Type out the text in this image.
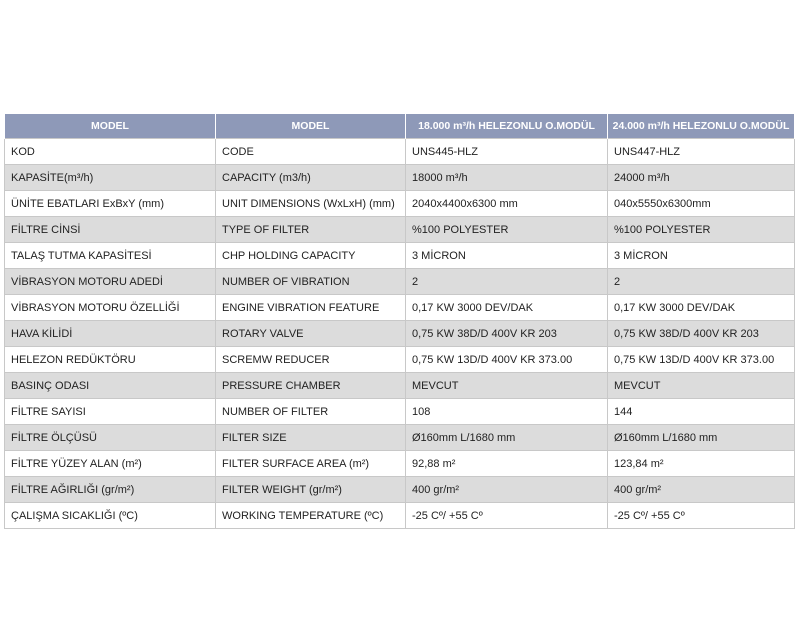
MODEL	MODEL	18.000 m³/h HELEZONLU O.MODÜL	24.000 m³/h HELEZONLU O.MODÜL
KOD	CODE	UNS445-HLZ	UNS447-HLZ
KAPASİTE(m³/h)	CAPACITY (m3/h)	18000 m³/h	24000 m³/h
ÜNİTE EBATLARI ExBxY (mm)	UNIT DIMENSIONS (WxLxH) (mm)	2040x4400x6300 mm	040x5550x6300mm
FİLTRE CİNSİ	TYPE OF FILTER	%100 POLYESTER	%100 POLYESTER
TALAŞ TUTMA KAPASİTESİ	CHP HOLDING CAPACITY	3 MİCRON	3 MİCRON
VİBRASYON MOTORU ADEDİ	NUMBER OF VIBRATION	2	2
VİBRASYON MOTORU ÖZELLİĞİ	ENGINE VIBRATION FEATURE	0,17 KW 3000 DEV/DAK	0,17 KW 3000 DEV/DAK
HAVA KİLİDİ	ROTARY VALVE	0,75 KW 38D/D 400V KR 203	0,75 KW 38D/D 400V KR 203
HELEZON REDÜKTÖRU	SCREMW REDUCER	0,75 KW 13D/D 400V KR 373.00	0,75 KW 13D/D 400V KR 373.00
BASINÇ ODASI	PRESSURE CHAMBER	MEVCUT	MEVCUT
FİLTRE SAYISI	NUMBER OF FILTER	108	144
FİLTRE ÖLÇÜSÜ	FILTER SIZE	Ø160mm L/1680 mm	Ø160mm L/1680 mm
FİLTRE YÜZEY ALAN (m²)	FILTER SURFACE AREA (m²)	92,88 m²	123,84 m²
FİLTRE AĞIRLIĞI (gr/m²)	FILTER WEIGHT (gr/m²)	400 gr/m²	400 gr/m²
ÇALIŞMA SICAKLIĞI (ºC)	WORKING TEMPERATURE (ºC)	-25 Cº/ +55 Cº	-25 Cº/ +55 Cº
